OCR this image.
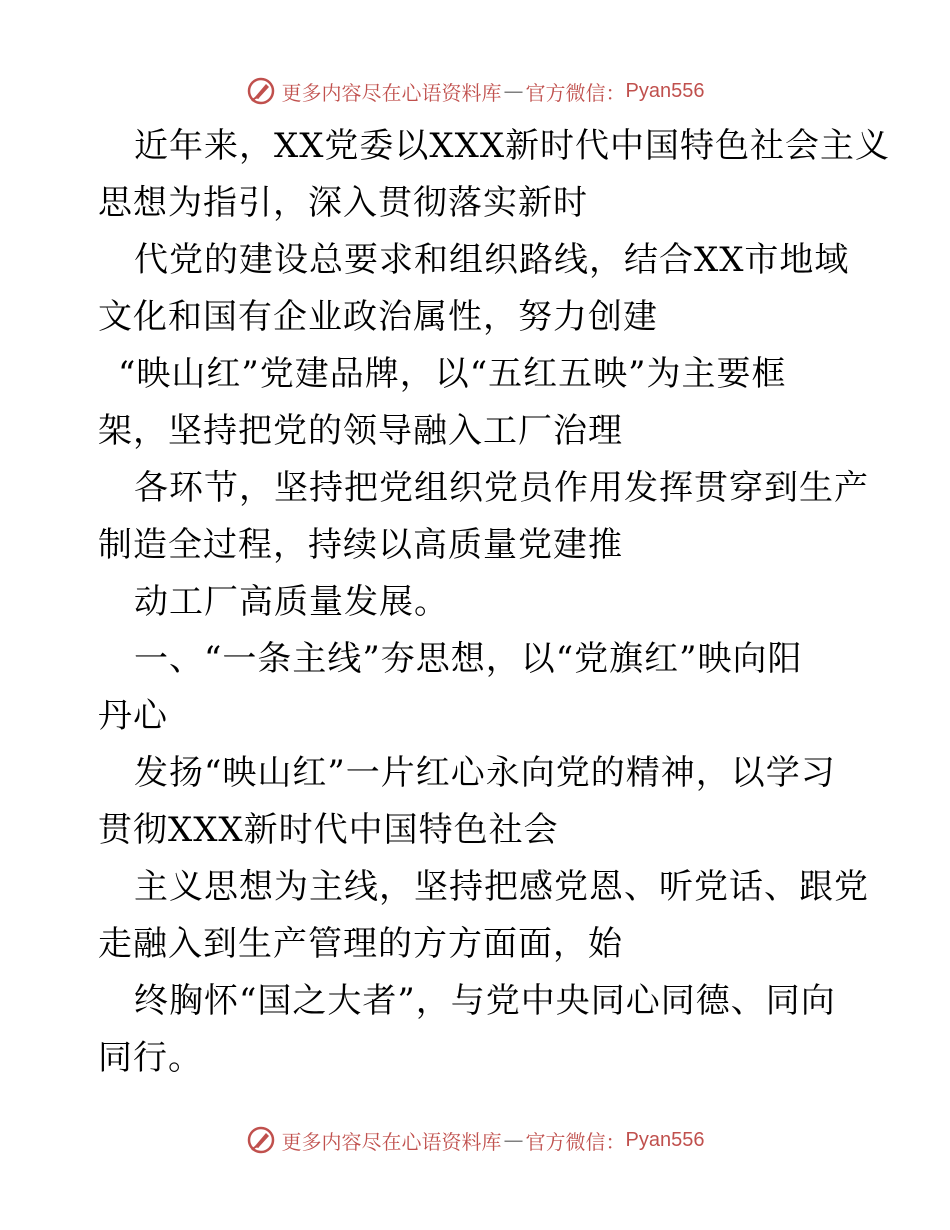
更多内容尽在心语资料库 — 官方微信： Pyan556
近年来，XX党委以XXX新时代中国特色社会主义
思想为指引，深入贯彻落实新时
代党的建设总要求和组织路线，结合XX市地域
文化和国有企业政治属性，努力创建
“映山红”党建品牌，以“五红五映”为主要框
架，坚持把党的领导融入工厂治理
各环节，坚持把党组织党员作用发挥贯穿到生产
制造全过程，持续以高质量党建推
动工厂高质量发展。
一、“一条主线”夯思想，以“党旗红”映向阳
丹心
发扬“映山红”一片红心永向党的精神，以学习
贯彻XXX新时代中国特色社会
主义思想为主线，坚持把感党恩、听党话、跟党
走融入到生产管理的方方面面，始
终胸怀“国之大者”，与党中央同心同德、同向
同行。
更多内容尽在心语资料库 — 官方微信： Pyan556
